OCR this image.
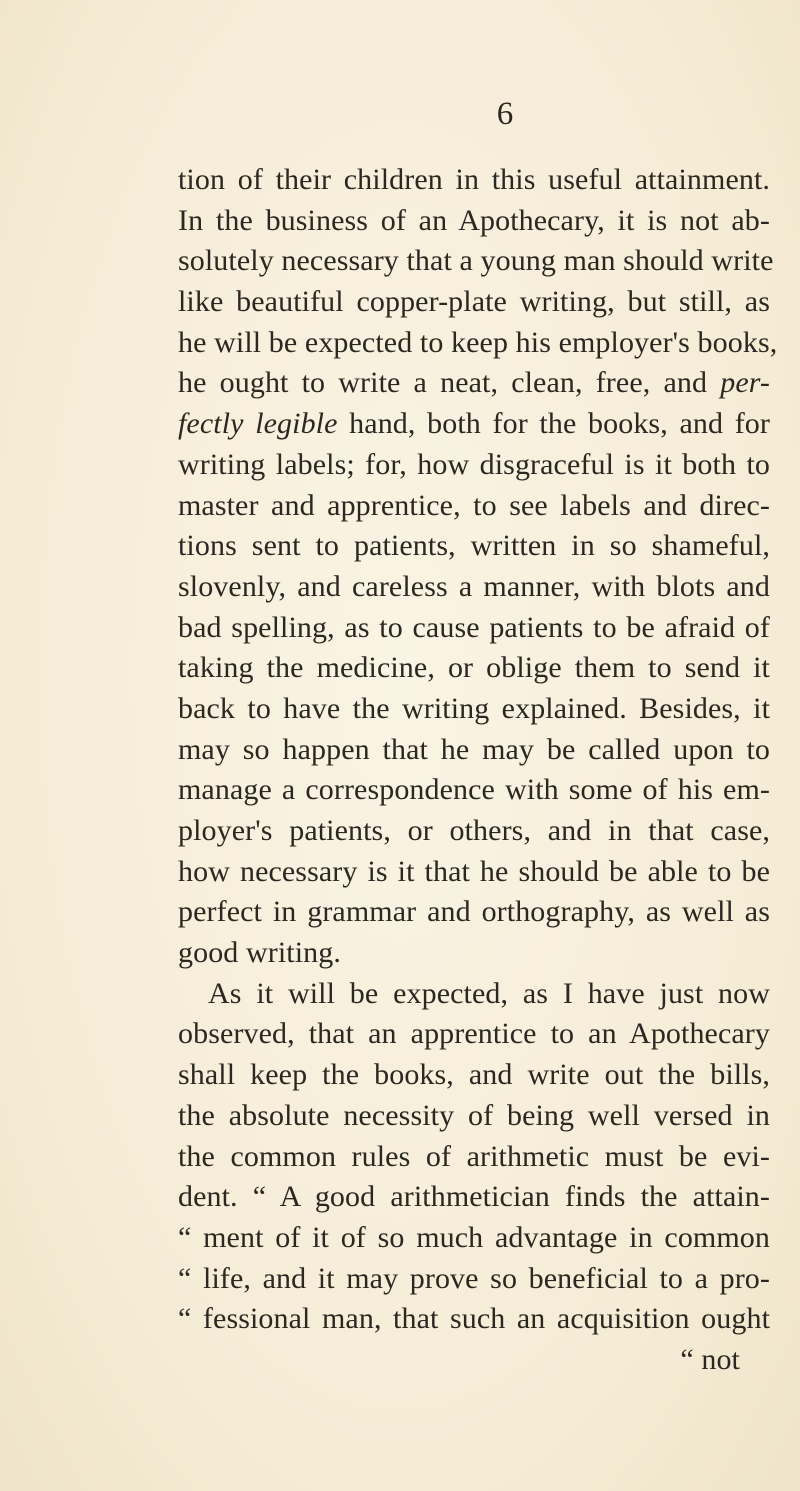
6
tion of their children in this useful attainment.
In the business of an Apothecary, it is not ab-
solutely necessary that a young man should write
like beautiful copper-plate writing, but still, as
he will be expected to keep his employer's books,
he ought to write a neat, clean, free, and per-
fectly legible hand, both for the books, and for
writing labels; for, how disgraceful is it both to
master and apprentice, to see labels and direc-
tions sent to patients, written in so shameful,
slovenly, and careless a manner, with blots and
bad spelling, as to cause patients to be afraid of
taking the medicine, or oblige them to send it
back to have the writing explained. Besides, it
may so happen that he may be called upon to
manage a correspondence with some of his em-
ployer's patients, or others, and in that case,
how necessary is it that he should be able to be
perfect in grammar and orthography, as well as
good writing.
As it will be expected, as I have just now
observed, that an apprentice to an Apothecary
shall keep the books, and write out the bills,
the absolute necessity of being well versed in
the common rules of arithmetic must be evi-
dent. “ A good arithmetician finds the attain-
“ ment of it of so much advantage in common
“ life, and it may prove so beneficial to a pro-
“ fessional man, that such an acquisition ought
“ not
